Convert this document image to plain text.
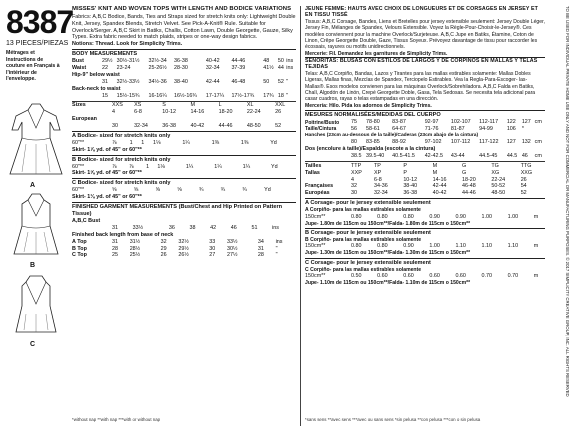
8387
13 PIECES/PIEZAS
Métrages et Instructions de couture en Français à l'intérieur de l'enveloppe.
A
B
C
MISSES' KNIT AND WOVEN TOPS WITH LENGTH AND BODICE VARIATIONS
Fabrics: A,B,C Bodice, Bands, Ties and Straps sized for stretch knits only: Lightweight Double Knit, Jersey, Spandex Blends, Stretch Velvet. See Pick-A-Knit® Rule. Suitable for Overlock/Serger. A,B,C Skirt in Batiks, Challis, Cotton Lawn, Double Georgette, Gauze, Silky Types. Extra fabric needed to match plaids, stripes or one-way design fabrics.
Notions: Thread. Look for Simplicity Trims.
BODY MEASUREMENTS
Bust	29½	30½-31½	32½-34	36-38	40-42	44-46	48	50	ins
Waist	22	23-24	25-26½	28-30	32-34	37-39	41½	44	ins
Hip-9" below waist									
	31	32½-33½	34½-36	38-40	42-44	46-48	50	52	"
Back-neck to waist									
	15	15½-15¾	16-16¼	16½-16¾	17-17¼	17½-17¾	17¾	18	"
Sizes	XXS	XS	S	M	L	XL	XXL
	4	6-8	10-12	14-16	18-20	22-24	26
European							
	30	32-34	36-38	40-42	44-46	48-50	52
A Bodice- sized for stretch knits only
60"**	⅞	1	1	1⅛	1¼	1⅜	1⅜	Yd
Skirt- 1⅞ yd. of 45" or 60"**
B Bodice- sized for stretch knits only
60"**	⅞	⅞	1	1⅛	1¼	1¼	1¼	Yd
Skirt- 1⅝ yd. of 45" or 60"**
C Bodice- sized for stretch knits only
60"**	⅝	⅝	⅝	⅝	¾	¾	¾	Yd
Skirt- 1⅛ yd. of 45" or 60"**
FINISHED GARMENT MEASUREMENTS (Bust/Chest and Hip Printed on Pattern Tissue)
A,B,C Bust
	31	33½	36	38	42	46	51	ins
Finished back length from base of neck
A Top	31	31½	32	32½	33	33½	34	ins
B Top	28	28½	29	29½	30	30½	31	"
C Top	25	25½	26	26½	27	27½	28	"
*without nap **with nap ***with or without nap
JEUNE FEMME: HAUTS AVEC CHOIX DE LONGUEURS ET DE CORSAGES EN JERSEY ET EN TISSU TISSÉ
Tissus: A,B,C Corsage, Bandes, Liens et Bretelles pour jersey extensible seulement: Jersey Double Léger, Jersey Fin, Mélanges de Spandex, Velours Extensible. Voyez la Règle-Pour-Choisir-le-Jersey®. Ces modèles conviennent pour la machine Overlock/Surjeteuse. A,B,C Jupe en Batiks, Étamine, Coton de Linon, Crêpe Georgette Double, Gaze, Tissus Soyeux. Prévoyez davantage de tissu pour raccorder les écossais, rayures ou motifs unidirectionnels.
Mercerie: Fil. Demandez les garnitures de Simplicity Trims.
SEÑORITAS: BLUSAS CON ESTILOS DE LARGOS Y DE CORPIÑOS EN MALLAS Y TELAS TEJIDAS
Telas: A,B,C Corpiño, Bandas, Lazos y Tirantes para las mallas estirables solamente: Mallas Dobles Ligeras, Mallas finas, Mezclas de Spandex, Terciopelo Estirables. Vea la Regla-Para-Escoger- las-Mallas®. Esos modelos convienen para las máquinas Overlock/Sobrehiladora. A,B,C Falda en Batiks, Chalí, Algodón de Linón, Crepé Georgette Doble, Gasa, Tela Sedosas. Se necesita tela adicional para casar cuadros, rayas o telas estampadas en una dirección.
Mercería: Hilo. Pida los adornos de Simplicity Trims.
MESURES NORMALISÉES/MEDIDAS DEL CUERPO
Poitrine/Busto	75	78-80	83-87	92-97	102-107	112-117	122	127	cm
Taille/Cintura	56	58-61	64-67	71-76	81-87	94-99	106	*	
Hanches (23cm au-dessous de la taille)/Caderas (23cm abajo de la cintura)									
	80	83-85	88-92	97-102	107-112	117-122	127	132	cm
Dos (encolure à taille)/Espalda (escote a la cintura)									
	38.5	39.5-40	40.5-41.5	42-42.5	43-44	44.5-45	44.5	46	cm
Tailles	TTP	TP	P	M	G	TG	TTG
Tallas	XXP	XP	P	M	G	XG	XXG
	4	6-8	10-12	14-16	18-20	22-24	26
Françaises	32	34-36	38-40	42-44	46-48	50-52	54
Européas	30	32-34	36-38	40-42	44-46	48-50	52
A Corsage- pour le jersey extensible seulement
A Corpiño- para las mallas estirables solamente
150cm**	0.80	0.80	0.80	0.90	0.90	1.00	1.00	m
Jupe- 1.80m de 115cm ou 150cm**/Falda- 1.80m de 115cm o 150cm**
B Corsage- pour le jersey extensible seulement
B Corpiño- para las mallas estirables solamente
150cm**	0.80	0.80	0.90	1.00	1.10	1.10	1.10	m
Jupe- 1.30m de 115cm ou 150cm**/Falda- 1.30m de 115cm o 150cm**
C Corsage- pour le jersey extensible seulement
C Corpiño- para las mallas estirables solamente
150cm**	0.50	0.60	0.60	0.60	0.60	0.70	0.70	m
Jupe- 1.10m de 115cm ou 150cm**/Falda- 1.10m de 115cm o 150cm**
*sans sens **avec sens ***avec ou sans sens *sin pelusa **con pelusa ***con o sin pelusa
TO BE USED FOR INDIVIDUAL PRIVATE HOME USE ONLY AND NOT FOR COMMERCIAL OR MANUFACTURING PURPOSES. © 2017 SIMPLICITY CREATIVE GROUP, INC. ALL RIGHTS RESERVED
